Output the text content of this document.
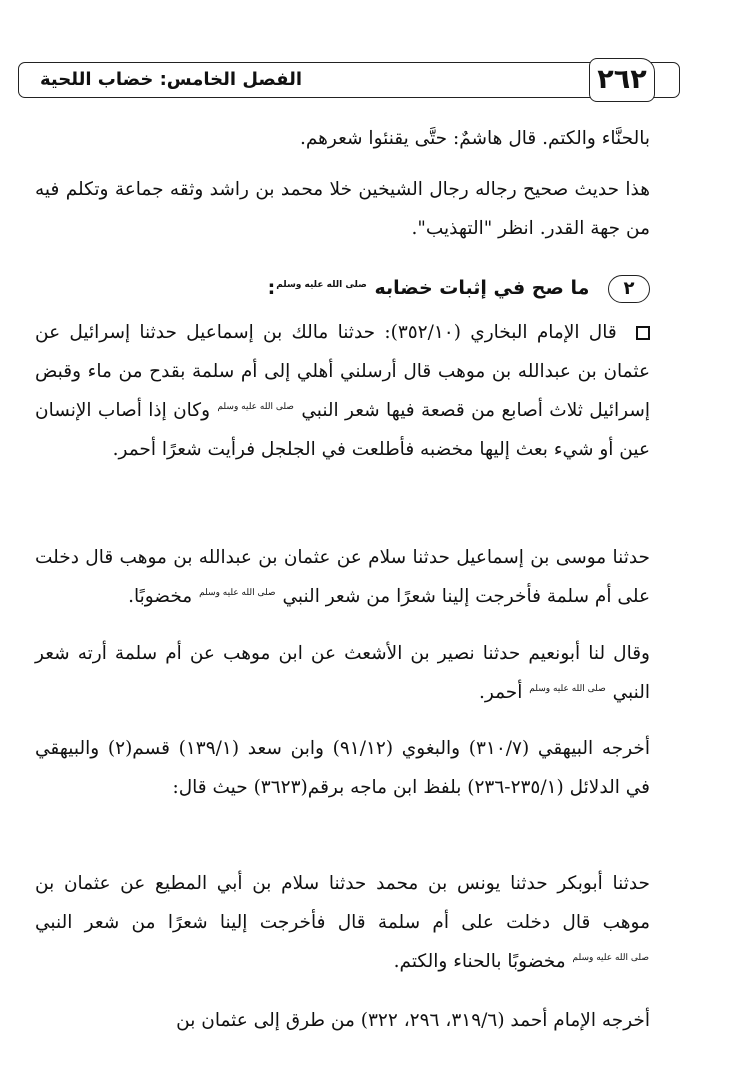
٢٦٢
الفصل الخامس: خضاب اللحية
بالحنَّاء والكتم. قال هاشمٌ: حتَّى يقنئوا شعرهم.
هذا حديث صحيح رجاله رجال الشيخين خلا محمد بن راشد وثقه جماعة وتكلم فيه من جهة القدر. انظر "التهذيب".
٢ ما صح في إثبات خضابه صلى الله عليه وسلم:
قال الإمام البخاري (٣٥٢/١٠): حدثنا مالك بن إسماعيل حدثنا إسرائيل عن عثمان بن عبدالله بن موهب قال أرسلني أهلي إلى أم سلمة بقدح من ماء وقبض إسرائيل ثلاث أصابع من قصعة فيها شعر النبي صلى الله عليه وسلم وكان إذا أصاب الإنسان عين أو شيء بعث إليها مخضبه فأطلعت في الجلجل فرأيت شعرًا أحمر.
حدثنا موسى بن إسماعيل حدثنا سلام عن عثمان بن عبدالله بن موهب قال دخلت على أم سلمة فأخرجت إلينا شعرًا من شعر النبي صلى الله عليه وسلم مخضوبًا.
وقال لنا أبونعيم حدثنا نصير بن الأشعث عن ابن موهب عن أم سلمة أرته شعر النبي صلى الله عليه وسلم أحمر.
أخرجه البيهقي (٣١٠/٧) والبغوي (٩١/١٢) وابن سعد (١٣٩/١) قسم(٢) والبيهقي في الدلائل (٢٣٥/١-٢٣٦) بلفظ ابن ماجه برقم(٣٦٢٣) حيث قال:
حدثنا أبوبكر حدثنا يونس بن محمد حدثنا سلام بن أبي المطيع عن عثمان بن موهب قال دخلت على أم سلمة قال فأخرجت إلينا شعرًا من شعر النبي صلى الله عليه وسلم مخضوبًا بالحناء والكتم.
أخرجه الإمام أحمد (٣١٩/٦، ٢٩٦، ٣٢٢) من طرق إلى عثمان بن
